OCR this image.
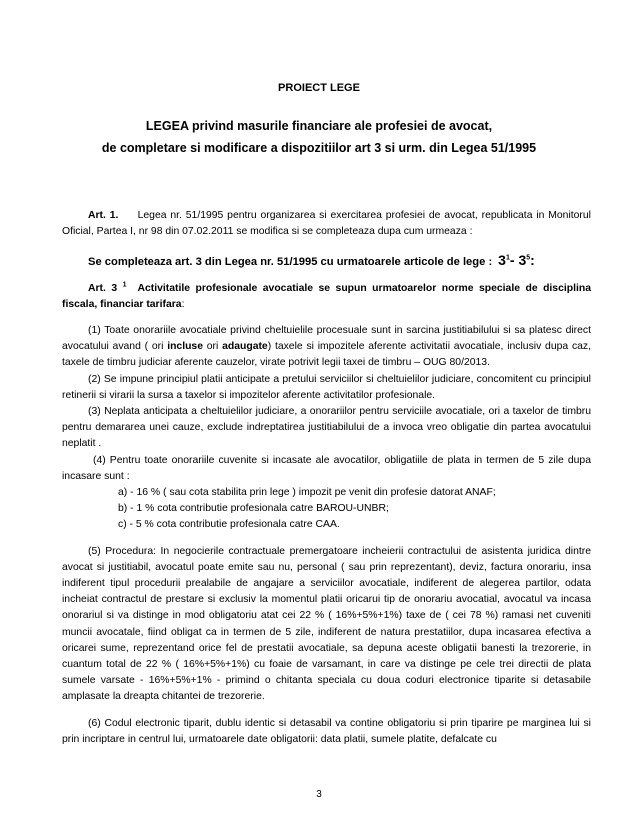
PROIECT LEGE
LEGEA privind masurile financiare ale profesiei de avocat,
de completare si modificare a dispozitiilor art 3 si urm. din Legea 51/1995

Art. 1. Legea nr. 51/1995 pentru organizarea si exercitarea profesiei de avocat, republicata in Monitorul Oficial, Partea I, nr 98 din 07.02.2011 se modifica si se completeaza dupa cum urmeaza :

Se completeaza art. 3 din Legea nr. 51/1995 cu urmatoarele articole de lege : $3^1-$ $3^5$:

Art. 3 $^1$ Activitatile profesionale avocatiale se supun urmatoarelor norme speciale de disciplina fiscala, financiar tarifara:

(1) Toate onorariile avocatiale privind cheltuielile procesuale sunt in sarcina justitiabilului si sa platesc direct avocatului avand ( ori incluse ori adaugate) taxele si impozitele aferente activitatii avocatiale, inclusiv dupa caz, taxele de timbru judiciar aferente cauzelor, virate potrivit legii taxei de timbru – OUG 80/2013.

(2) Se impune principiul platii anticipate a pretului serviciilor si cheltuielilor judiciare, concomitent cu principiul retinerii si virarii la sursa a taxelor si impozitelor aferente activitatilor profesionale.

(3) Neplata anticipata a cheltuielilor judiciare, a onorariilor pentru serviciile avocatiale, ori a taxelor de timbru pentru demararea unei cauze, exclude indreptatirea justitiabilului de a invoca vreo obligatie din partea avocatului neplatit .

(4) Pentru toate onorariile cuvenite si incasate ale avocatilor, obligatiile de plata in termen de 5 zile dupa incasare sunt :

a) - 16 % ( sau cota stabilita prin lege ) impozit pe venit din profesie datorat ANAF;

b) - 1 % cota contributie profesionala catre BAROU-UNBR;

c) - 5 % cota contributie profesionala catre CAA.

(5) Procedura: In negocierile contractuale premergatoare incheierii contractului de asistenta juridica dintre avocat si justitiabil, avocatul poate emite sau nu, personal ( sau prin reprezentant), deviz, factura onorariu, insa indiferent tipul procedurii prealabile de angajare a serviciilor avocatiale, indiferent de alegerea partilor, odata incheiat contractul de prestare si exclusiv la momentul platii oricarui tip de onorariu avocatial, avocatul va incasa onorariul si va distinge in mod obligatoriu atat cei 22 % ( 16%+5%+1%) taxe de ( cei 78 %) ramasi net cuveniti muncii avocatale, fiind obligat ca in termen de 5 zile, indiferent de natura prestatiilor, dupa incasarea efectiva a oricarei sume, reprezentand orice fel de prestatii avocatiale, sa depuna aceste obligatii banesti la trezorerie, in cuantum total de 22 % ( 16%+5%+1%) cu foaie de varsamant, in care va distinge pe cele trei directii de plata sumele varsate - 16%+5%+1% - primind o chitanta speciala cu doua coduri electronice tiparite si detasabile amplasate la dreapta chitantei de trezorerie.

(6) Codul electronic tiparit, dublu identic si detasabil va contine obligatoriu si prin tiparire pe marginea lui si prin incriptare in centrul lui, urmatoarele date obligatorii: data platii, sumele platite, defalcate cu

3
